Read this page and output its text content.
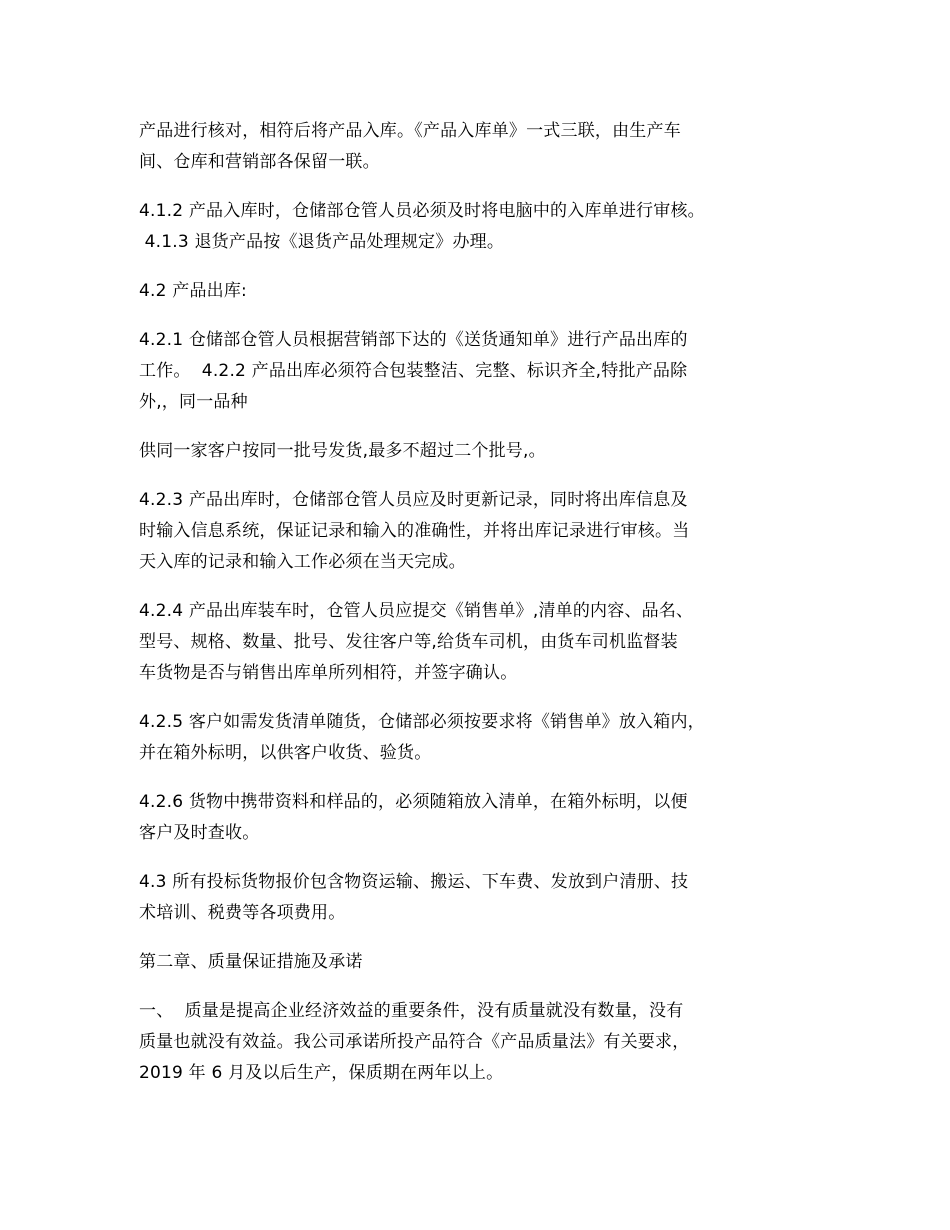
产品进行核对，相符后将产品入库。《产品入库单》一式三联，由生产车
间、仓库和营销部各保留一联。

4.1.2 产品入库时，仓储部仓管人员必须及时将电脑中的入库单进行审核。
4.1.3 退货产品按《退货产品处理规定》办理。

4.2 产品出库:

4.2.1 仓储部仓管人员根据营销部下达的《送货通知单》进行产品出库的
工作。  4.2.2 产品出库必须符合包装整洁、完整、标识齐全,特批产品除
外,，同一品种

供同一家客户按同一批号发货,最多不超过二个批号,。

4.2.3 产品出库时，仓储部仓管人员应及时更新记录，同时将出库信息及
时输入信息系统，保证记录和输入的准确性，并将出库记录进行审核。当
天入库的记录和输入工作必须在当天完成。

4.2.4 产品出库装车时，仓管人员应提交《销售单》,清单的内容、品名、
型号、规格、数量、批号、发往客户等,给货车司机，由货车司机监督装
车货物是否与销售出库单所列相符，并签字确认。

4.2.5 客户如需发货清单随货，仓储部必须按要求将《销售单》放入箱内，
并在箱外标明，以供客户收货、验货。

4.2.6 货物中携带资料和样品的，必须随箱放入清单，在箱外标明，以便
客户及时查收。

4.3 所有投标货物报价包含物资运输、搬运、下车费、发放到户清册、技
术培训、税费等各项费用。

第二章、质量保证措施及承诺

一、  质量是提高企业经济效益的重要条件，没有质量就没有数量，没有
质量也就没有效益。我公司承诺所投产品符合《产品质量法》有关要求，
2019 年 6 月及以后生产，保质期在两年以上。
